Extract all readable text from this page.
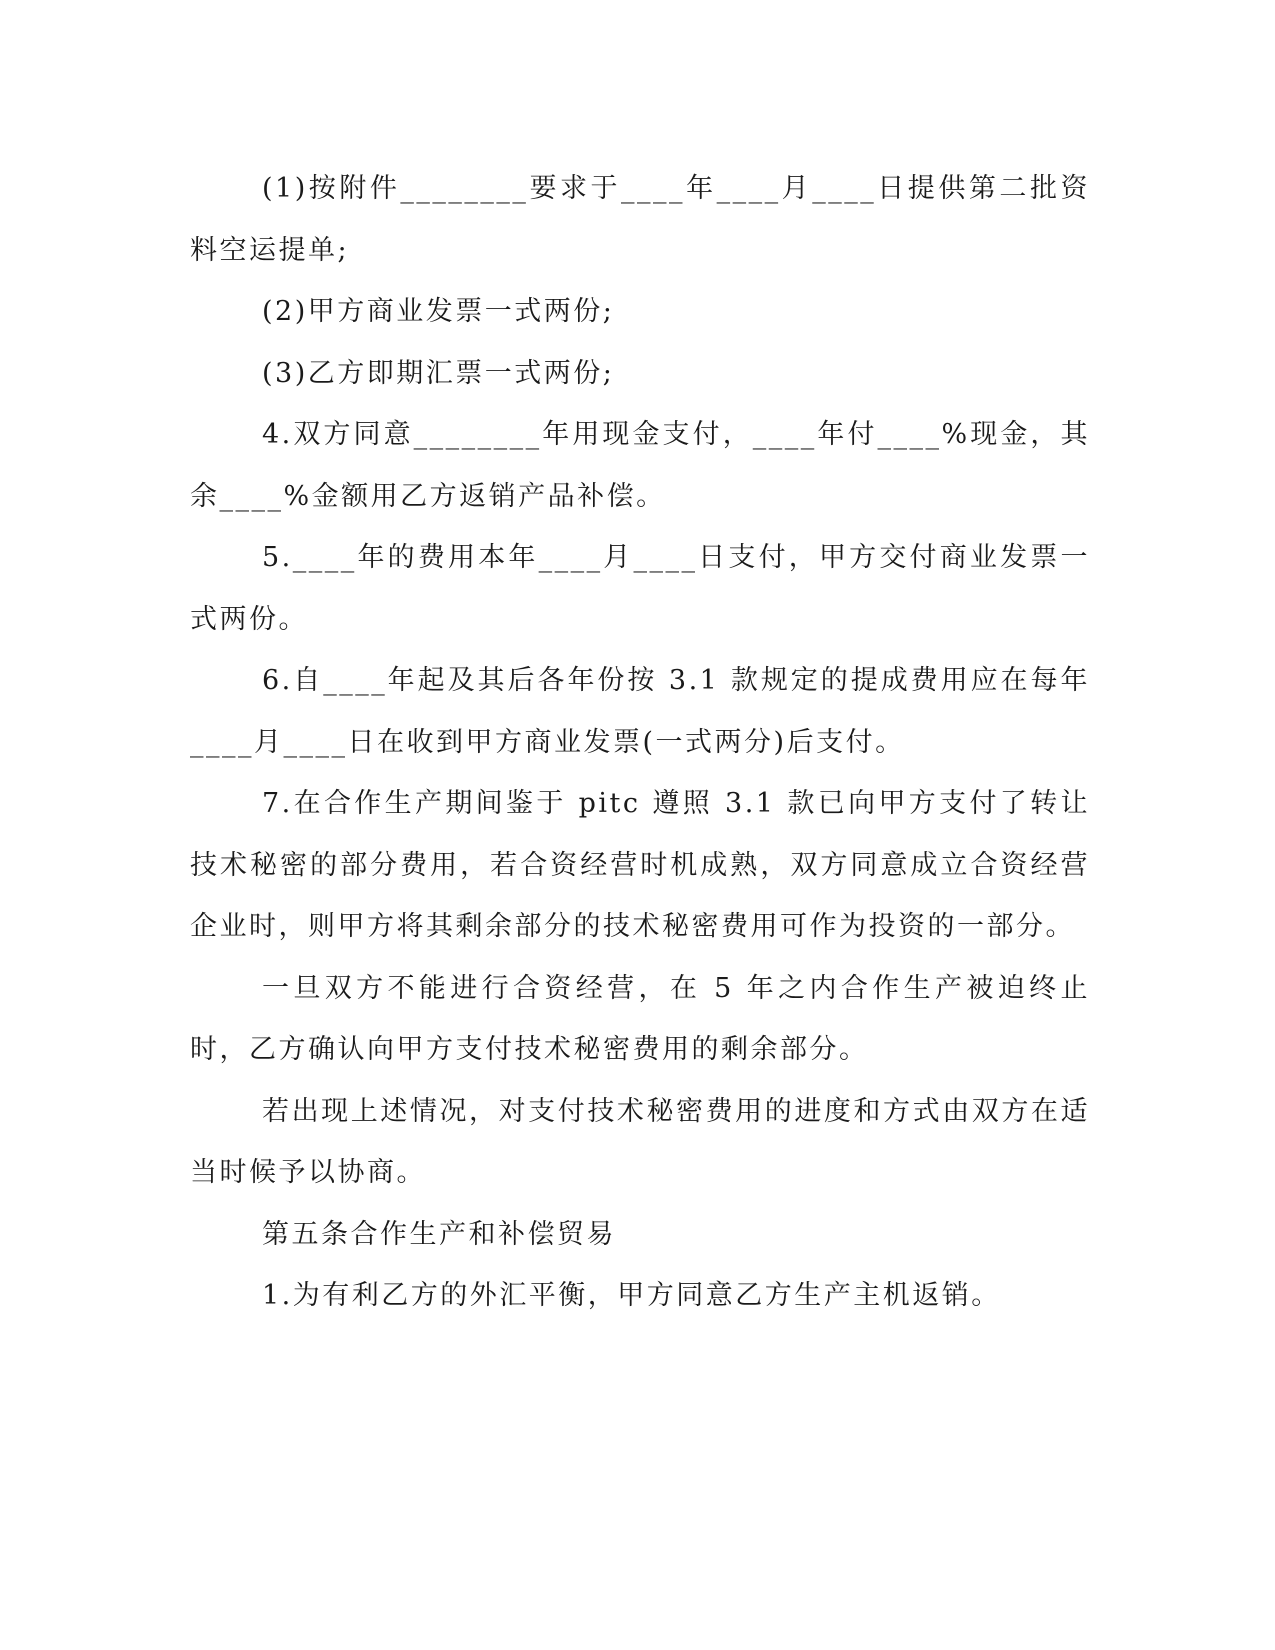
(1)按附件________要求于____年____月____日提供第二批资料空运提单;

(2)甲方商业发票一式两份;

(3)乙方即期汇票一式两份;

4.双方同意________年用现金支付，____年付____%现金，其余____%金额用乙方返销产品补偿。

5.____年的费用本年____月____日支付，甲方交付商业发票一式两份。

6.自____年起及其后各年份按 3.1 款规定的提成费用应在每年____月____日在收到甲方商业发票(一式两分)后支付。

7.在合作生产期间鉴于 pitc 遵照 3.1 款已向甲方支付了转让技术秘密的部分费用，若合资经营时机成熟，双方同意成立合资经营企业时，则甲方将其剩余部分的技术秘密费用可作为投资的一部分。

一旦双方不能进行合资经营，在 5 年之内合作生产被迫终止时，乙方确认向甲方支付技术秘密费用的剩余部分。

若出现上述情况，对支付技术秘密费用的进度和方式由双方在适当时候予以协商。

第五条合作生产和补偿贸易

1.为有利乙方的外汇平衡，甲方同意乙方生产主机返销。
